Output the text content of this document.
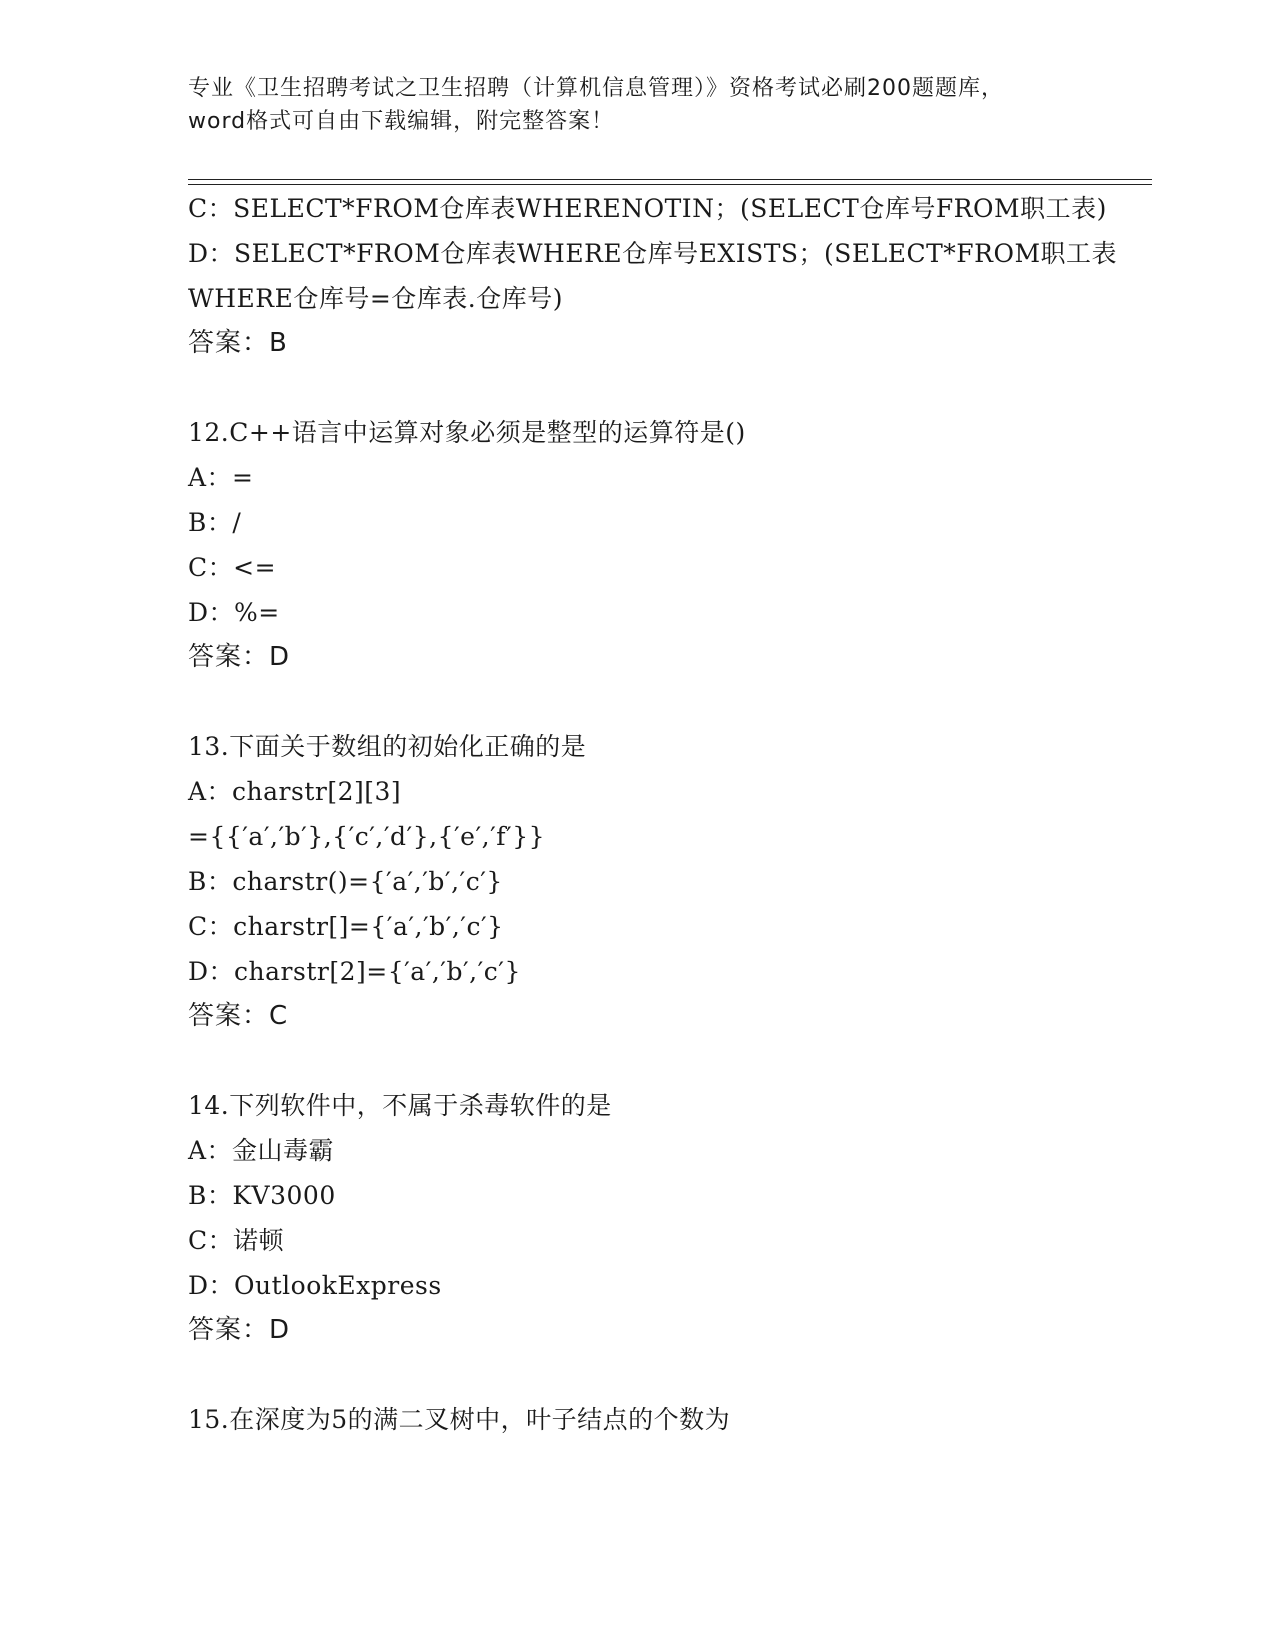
专业《卫生招聘考试之卫生招聘（计算机信息管理）》资格考试必刷200题题库，
word格式可自由下载编辑，附完整答案！
C：SELECT*FROM仓库表WHERENOTIN；(SELECT仓库号FROM职工表)
D：SELECT*FROM仓库表WHERE仓库号EXISTS；(SELECT*FROM职工表
WHERE仓库号=仓库表.仓库号)
答案：B
12.C++语言中运算对象必须是整型的运算符是()
A：=
B：/
C：<=
D：%=
答案：D
13.下面关于数组的初始化正确的是
A：charstr[2][3]
={{′a′,′b′},{′c′,′d′},{′e′,′f′}}
B：charstr()={′a′,′b′,′c′}
C：charstr[]={′a′,′b′,′c′}
D：charstr[2]={′a′,′b′,′c′}
答案：C
14.下列软件中，不属于杀毒软件的是
A：金山毒霸
B：KV3000
C：诺顿
D：OutlookExpress
答案：D
15.在深度为5的满二叉树中，叶子结点的个数为
